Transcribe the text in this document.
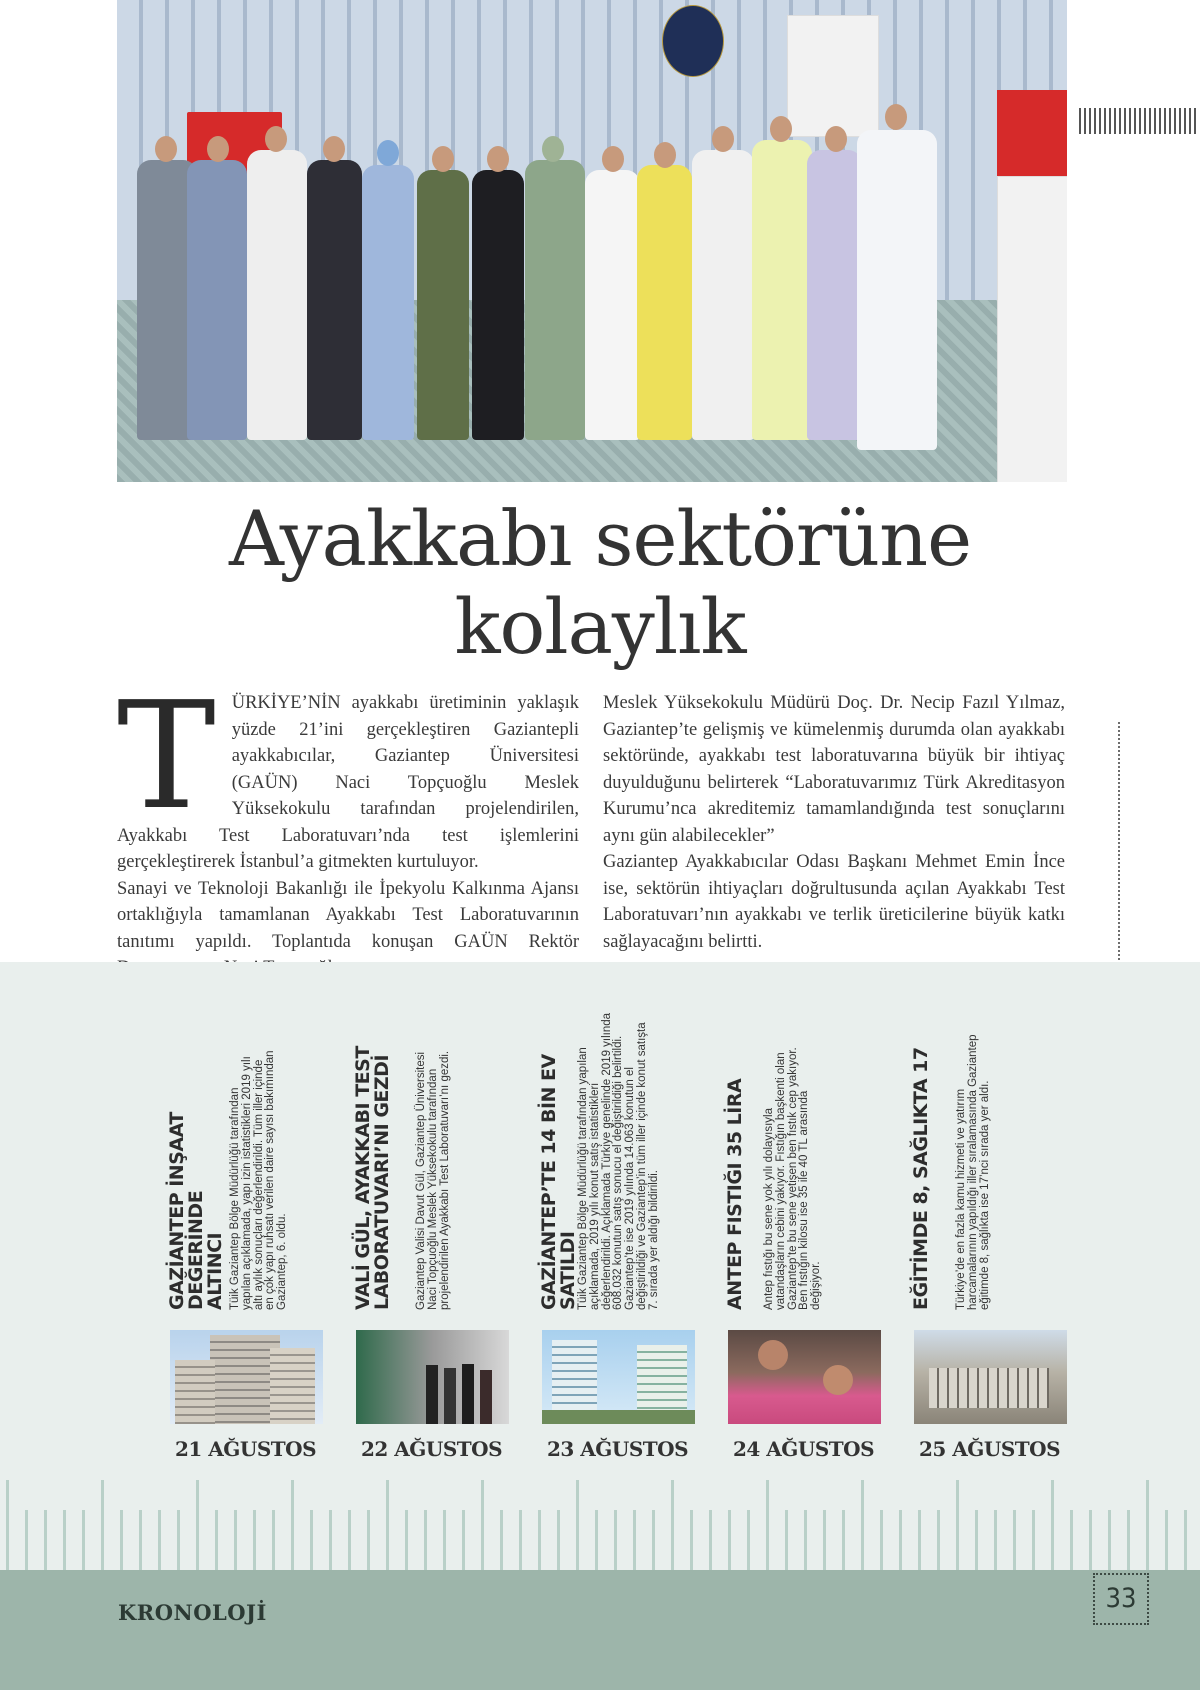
Ayakkabı sektörüne
kolaylık
T ÜRKİYE’NİN ayakkabı üretiminin yaklaşık yüzde 21’ini gerçekleştiren Gaziantepli ayakkabıcılar, Gaziantep Üniversitesi (GAÜN) Naci Topçuoğlu Meslek Yüksekokulu tarafından projelendirilen, Ayakkabı Test Laboratuvarı’nda test işlemlerini gerçekleştirerek İstanbul’a gitmekten kurtuluyor.
Sanayi ve Teknoloji Bakanlığı ile İpekyolu Kalkınma Ajansı ortaklığıyla tamamlanan Ayakkabı Test Laboratuvarının tanıtımı yapıldı. Toplantıda konuşan GAÜN Rektör
Meslek Yüksekokulu Müdürü Doç. Dr. Necip Fazıl Yılmaz, Gaziantep’te gelişmiş ve kümelenmiş durumda olan ayakkabı sektöründe, ayakkabı test laboratuvarına büyük bir ihtiyaç duyulduğunu belirterek “Laboratuvarımız Türk Akreditasyon Kurumu’nca akreditemiz tamamlandığında test sonuçlarını aynı gün alabilecekler”
Gaziantep Ayakkabıcılar Odası Başkanı Mehmet Emin İnce ise, sektörün ihtiyaçları doğrultusunda açılan Ayakkabı Test Laboratuvarı’nın ayakkabı ve terlik üreticilerine büyük katkı sağlayacağını belirtti.
GAZİANTEP İNŞAAT DEĞERİNDE
ALTINCI Tüik Gaziantep Bölge Müdürlüğü tarafından yapılan açıklamada, yapı izin istatistikleri 2019 yılı altı aylık sonuçları değerlendirildi. Tüm iller içinde en çok yapı ruhsatı verilen daire sayısı bakımından Gaziantep, 6. oldu.
21 AĞUSTOS
VALİ GÜL, AYAKKABI TEST
LABORATUVARI’NI GEZDİ Gaziantep Valisi Davut Gül, Gaziantep Üniversitesi Naci Topçuoğlu Meslek Yüksekokulu tarafından projelendirilen Ayakkabı Test Laboratuvarı’nı gezdi.
22 AĞUSTOS
GAZİANTEP’TE 14 BİN EV SATILDI
Tüik Gaziantep Bölge Müdürlüğü tarafından yapılan açıklamada, 2019 yılı konut satış istatistikleri değerlendirildi. Açıklamada Türkiye genelinde 2019 yılında 608.032 konutun satış sonucu el değiştirildiği belirtildi. Gaziantep’te ise 2019 yılında 14.063 konutun el değiştirildiği ve Gaziantep’in tüm iller içinde konut satışta 7. sırada yer aldığı bildirildi.
23 AĞUSTOS
ANTEP FISTIĞI 35 LİRA Antep fıstığı bu sene yok yılı dolayısıyla vatandaşların cebini yakıyor. Fıstığın başkenti olan Gaziantep’te bu sene yetişen ben fıstık cep yakıyor. Ben fıstığın kilosu ise 35 ile 40 TL arasında değişiyor.
24 AĞUSTOS
EĞİTİMDE 8, SAĞLIKTA 17 Türkiye’de en fazla kamu hizmeti ve yatırım harcamalarının yapıldığı iller sıralamasında Gaziantep eğitimde 8, sağlıkta ise 17’nci sırada yer aldı.
25 AĞUSTOS
KRONOLOJİ	33
